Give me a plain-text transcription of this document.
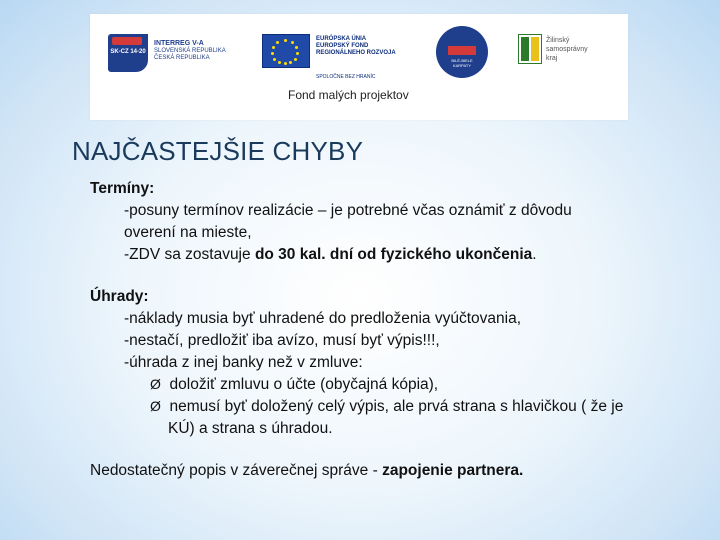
SK-CZ 14-20
INTERREG V-A
SLOVENSKÁ REPUBLIKA
ČESKÁ REPUBLIKA
EURÓPSKA ÚNIA
EUROPSKÝ FOND
REGIONÁLNEHO ROZVOJA
SPOLOČNE BEZ HRANÍC
BILÉ-BIELE
KARPATY
Žilinský
samosprávny
kraj
Fond malých projektov
NAJČASTEJŠIE CHYBY
Termíny:
-posuny termínov realizácie – je potrebné včas oznámiť z dôvodu
overení na mieste,
-ZDV sa zostavuje do 30 kal. dní od fyzického ukončenia.
Úhrady:
-náklady musia byť uhradené do predloženia vyúčtovania,
-nestačí, predložiť iba avízo, musí byť výpis!!!,
-úhrada z inej banky než v zmluve:
Ø doložiť zmluvu o účte (obyčajná kópia),
Ø nemusí byť doložený celý výpis, ale prvá strana s hlavičkou ( že je
KÚ) a strana s úhradou.
Nedostatečný popis v záverečnej správe - zapojenie partnera.
